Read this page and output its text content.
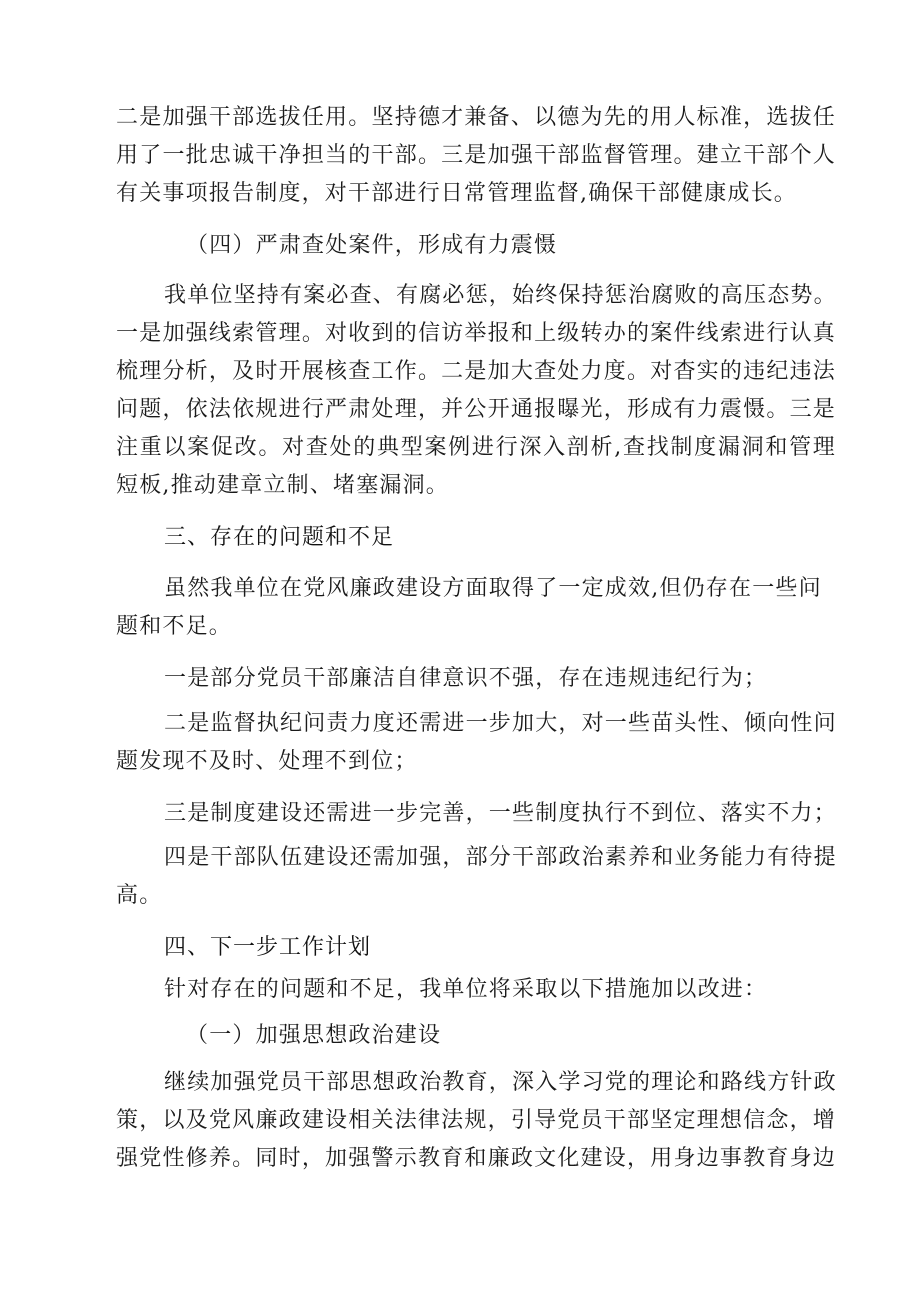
二是加强干部选拔任用。坚持德才兼备、以德为先的用人标准，选拔任
用了一批忠诚干净担当的干部。三是加强干部监督管理。建立干部个人
有关事项报告制度，对干部进行日常管理监督,确保干部健康成长。
（四）严肃查处案件，形成有力震慑
我单位坚持有案必查、有腐必惩，始终保持惩治腐败的高压态势。
一是加强线索管理。对收到的信访举报和上级转办的案件线索进行认真
梳理分析，及时开展核查工作。二是加大查处力度。对杳实的违纪违法
问题，依法依规进行严肃处理，并公开通报曝光，形成有力震慑。三是
注重以案促改。对查处的典型案例进行深入剖析,查找制度漏洞和管理
短板,推动建章立制、堵塞漏洞。
三、存在的问题和不足
虽然我单位在党风廉政建设方面取得了一定成效,但仍存在一些问
题和不足。
一是部分党员干部廉洁自律意识不强，存在违规违纪行为；
二是监督执纪问责力度还需进一步加大，对一些苗头性、倾向性问
题发现不及时、处理不到位；
三是制度建设还需进一步完善，一些制度执行不到位、落实不力；
四是干部队伍建设还需加强，部分干部政治素养和业务能力有待提
高。
四、下一步工作计划
针对存在的问题和不足，我单位将采取以下措施加以改进：
（一）加强思想政治建设
继续加强党员干部思想政治教育，深入学习党的理论和路线方针政
策，以及党风廉政建设相关法律法规，引导党员干部坚定理想信念，增
强党性修养。同时，加强警示教育和廉政文化建设，用身边事教育身边
